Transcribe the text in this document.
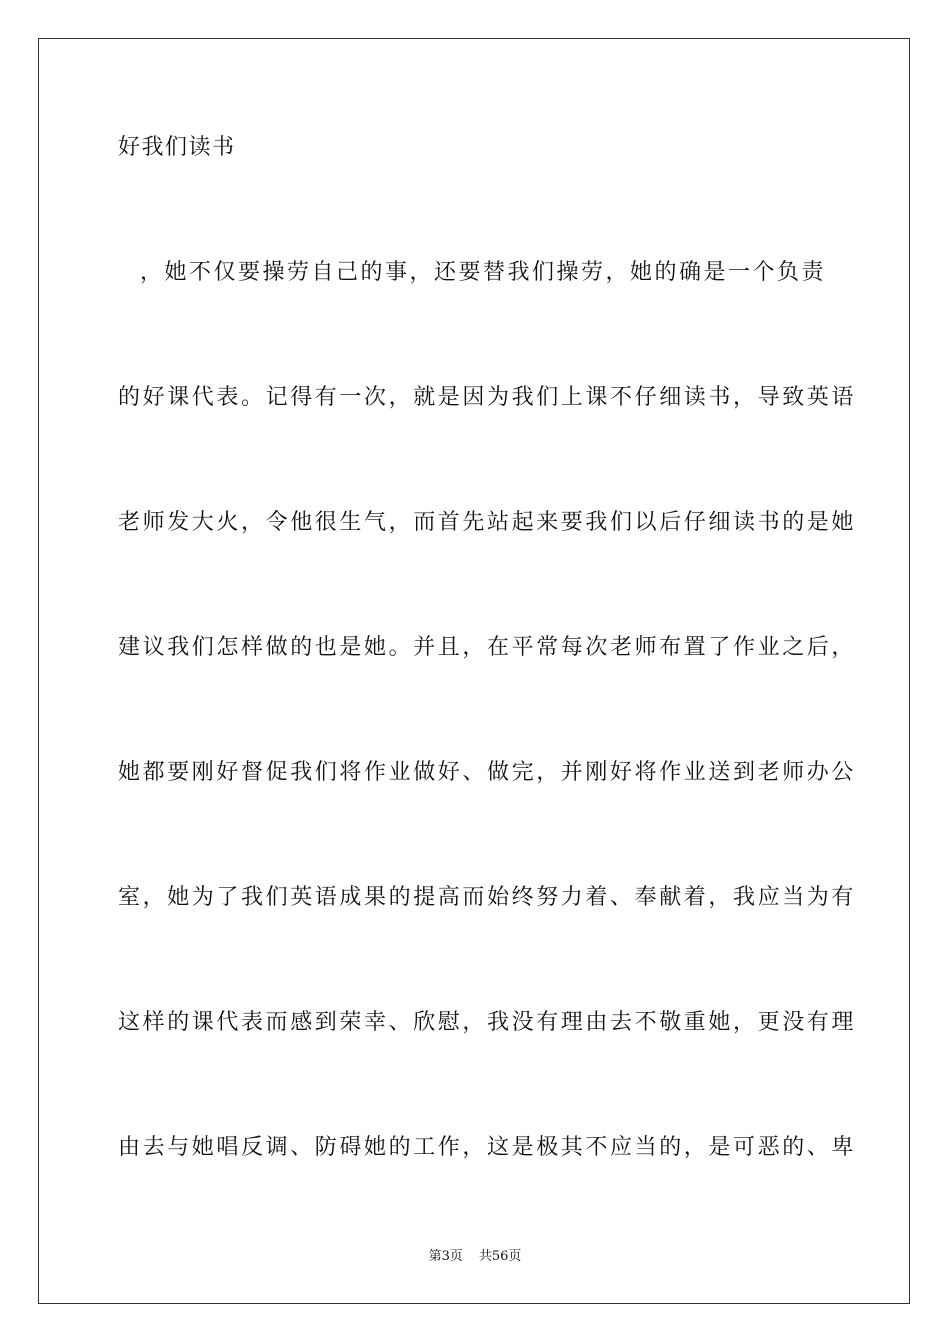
好我们读书
，她不仅要操劳自己的事，还要替我们操劳，她的确是一个负责
的好课代表。记得有一次，就是因为我们上课不仔细读书，导致英语
老师发大火，令他很生气，而首先站起来要我们以后仔细读书的是她
建议我们怎样做的也是她。并且，在平常每次老师布置了作业之后，
她都要刚好督促我们将作业做好、做完，并刚好将作业送到老师办公
室，她为了我们英语成果的提高而始终努力着、奉献着，我应当为有
这样的课代表而感到荣幸、欣慰，我没有理由去不敬重她，更没有理
由去与她唱反调、防碍她的工作，这是极其不应当的，是可恶的、卑
第3页 共56页
